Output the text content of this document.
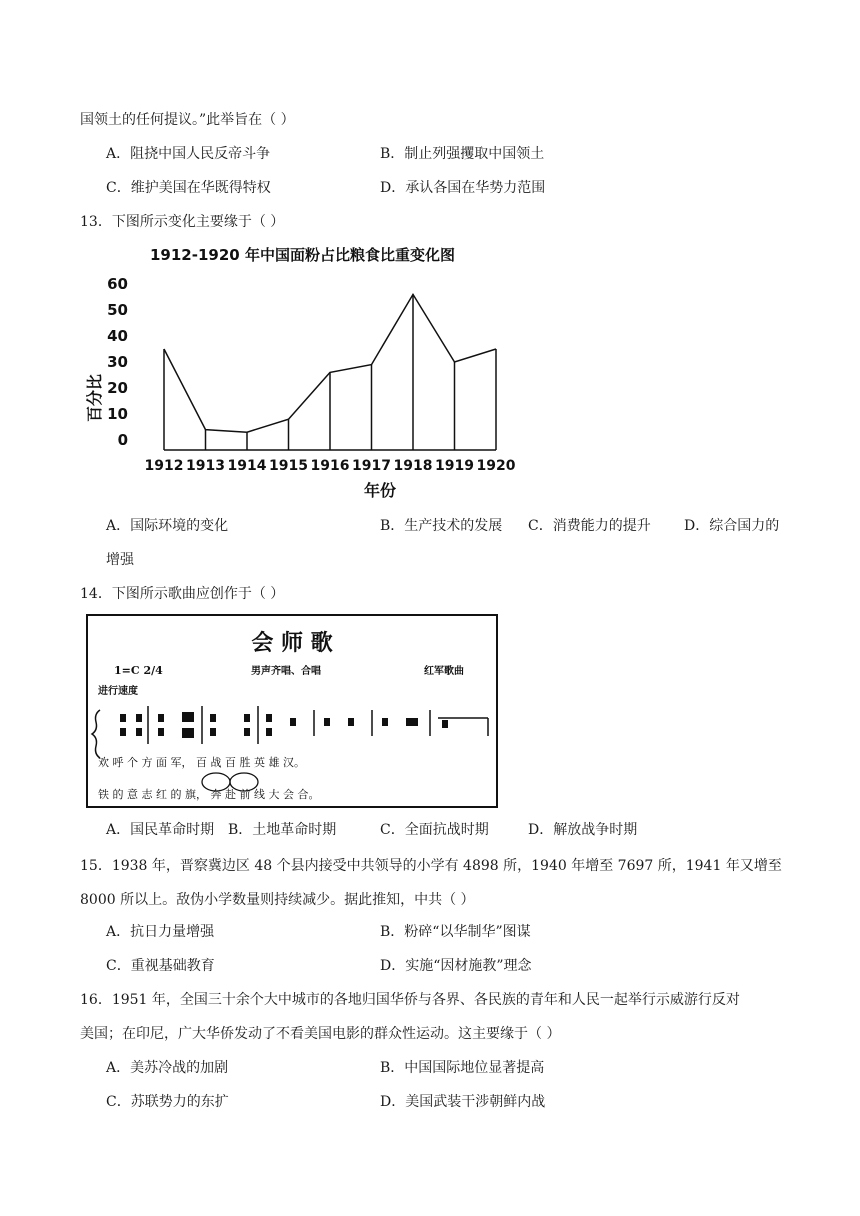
国领土的任何提议。”此举旨在（ ）
A．阻挠中国人民反帝斗争	B．制止列强攫取中国领土
C．维护美国在华既得特权	D．承认各国在华势力范围
13．下图所示变化主要缘于（ ）
1912-1920 年中国面粉占比粮食比重变化图
百分比
0
10
20
30
40
50
60
1912 1913 1914 1915 1916 1917 1918 1919 1920
年份
A．国际环境的变化	B．生产技术的发展 C．消费能力的提升 D．综合国力的
增强
14．下图所示歌曲应创作于（ ）
会 师 歌
1=C 2/4	男声齐唱、合唱	红军歌曲
进行速度
欢 呼 个 方 面 军， 百 战 百 胜 英 雄 汉。
铁 的 意 志 红 的 旗， 奔 赴 前 线 大 会 合。
A．国民革命时期 B．土地革命时期	C．全面抗战时期	D．解放战争时期
15．1938 年，晋察冀边区 48 个县内接受中共领导的小学有 4898 所，1940 年增至 7697 所，1941 年又增至
8000 所以上。敌伪小学数量则持续减少。据此推知，中共（ ）
A．抗日力量增强	B．粉碎“以华制华”图谋
C．重视基础教育	D．实施“因材施教”理念
16．1951 年，全国三十余个大中城市的各地归国华侨与各界、各民族的青年和人民一起举行示威游行反对
美国；在印尼，广大华侨发动了不看美国电影的群众性运动。这主要缘于（ ）
A．美苏冷战的加剧	B．中国国际地位显著提高
C．苏联势力的东扩	D．美国武装干涉朝鲜内战
